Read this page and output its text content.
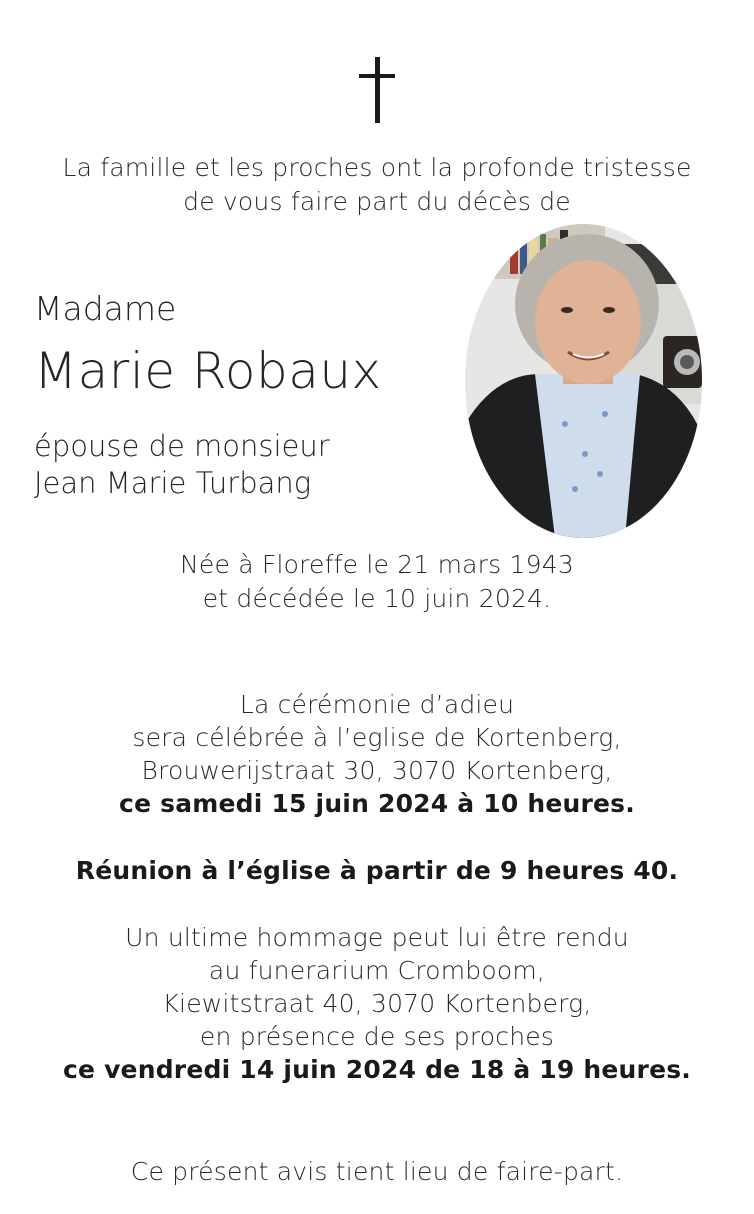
La famille et les proches ont la profonde tristesse
de vous faire part du décès de
Madame
Marie Robaux
épouse de monsieur
Jean Marie Turbang
Née à Floreffe le 21 mars 1943
et décédée le 10 juin 2024.
La cérémonie d’adieu
sera célébrée à l’eglise de Kortenberg,
Brouwerijstraat 30, 3070 Kortenberg,
ce samedi 15 juin 2024 à 10 heures.
Réunion à l’église à partir de 9 heures 40.
Un ultime hommage peut lui être rendu
au funerarium Cromboom,
Kiewitstraat 40, 3070 Kortenberg,
en présence de ses proches
ce vendredi 14 juin 2024 de 18 à 19 heures.
Ce présent avis tient lieu de faire-part.
